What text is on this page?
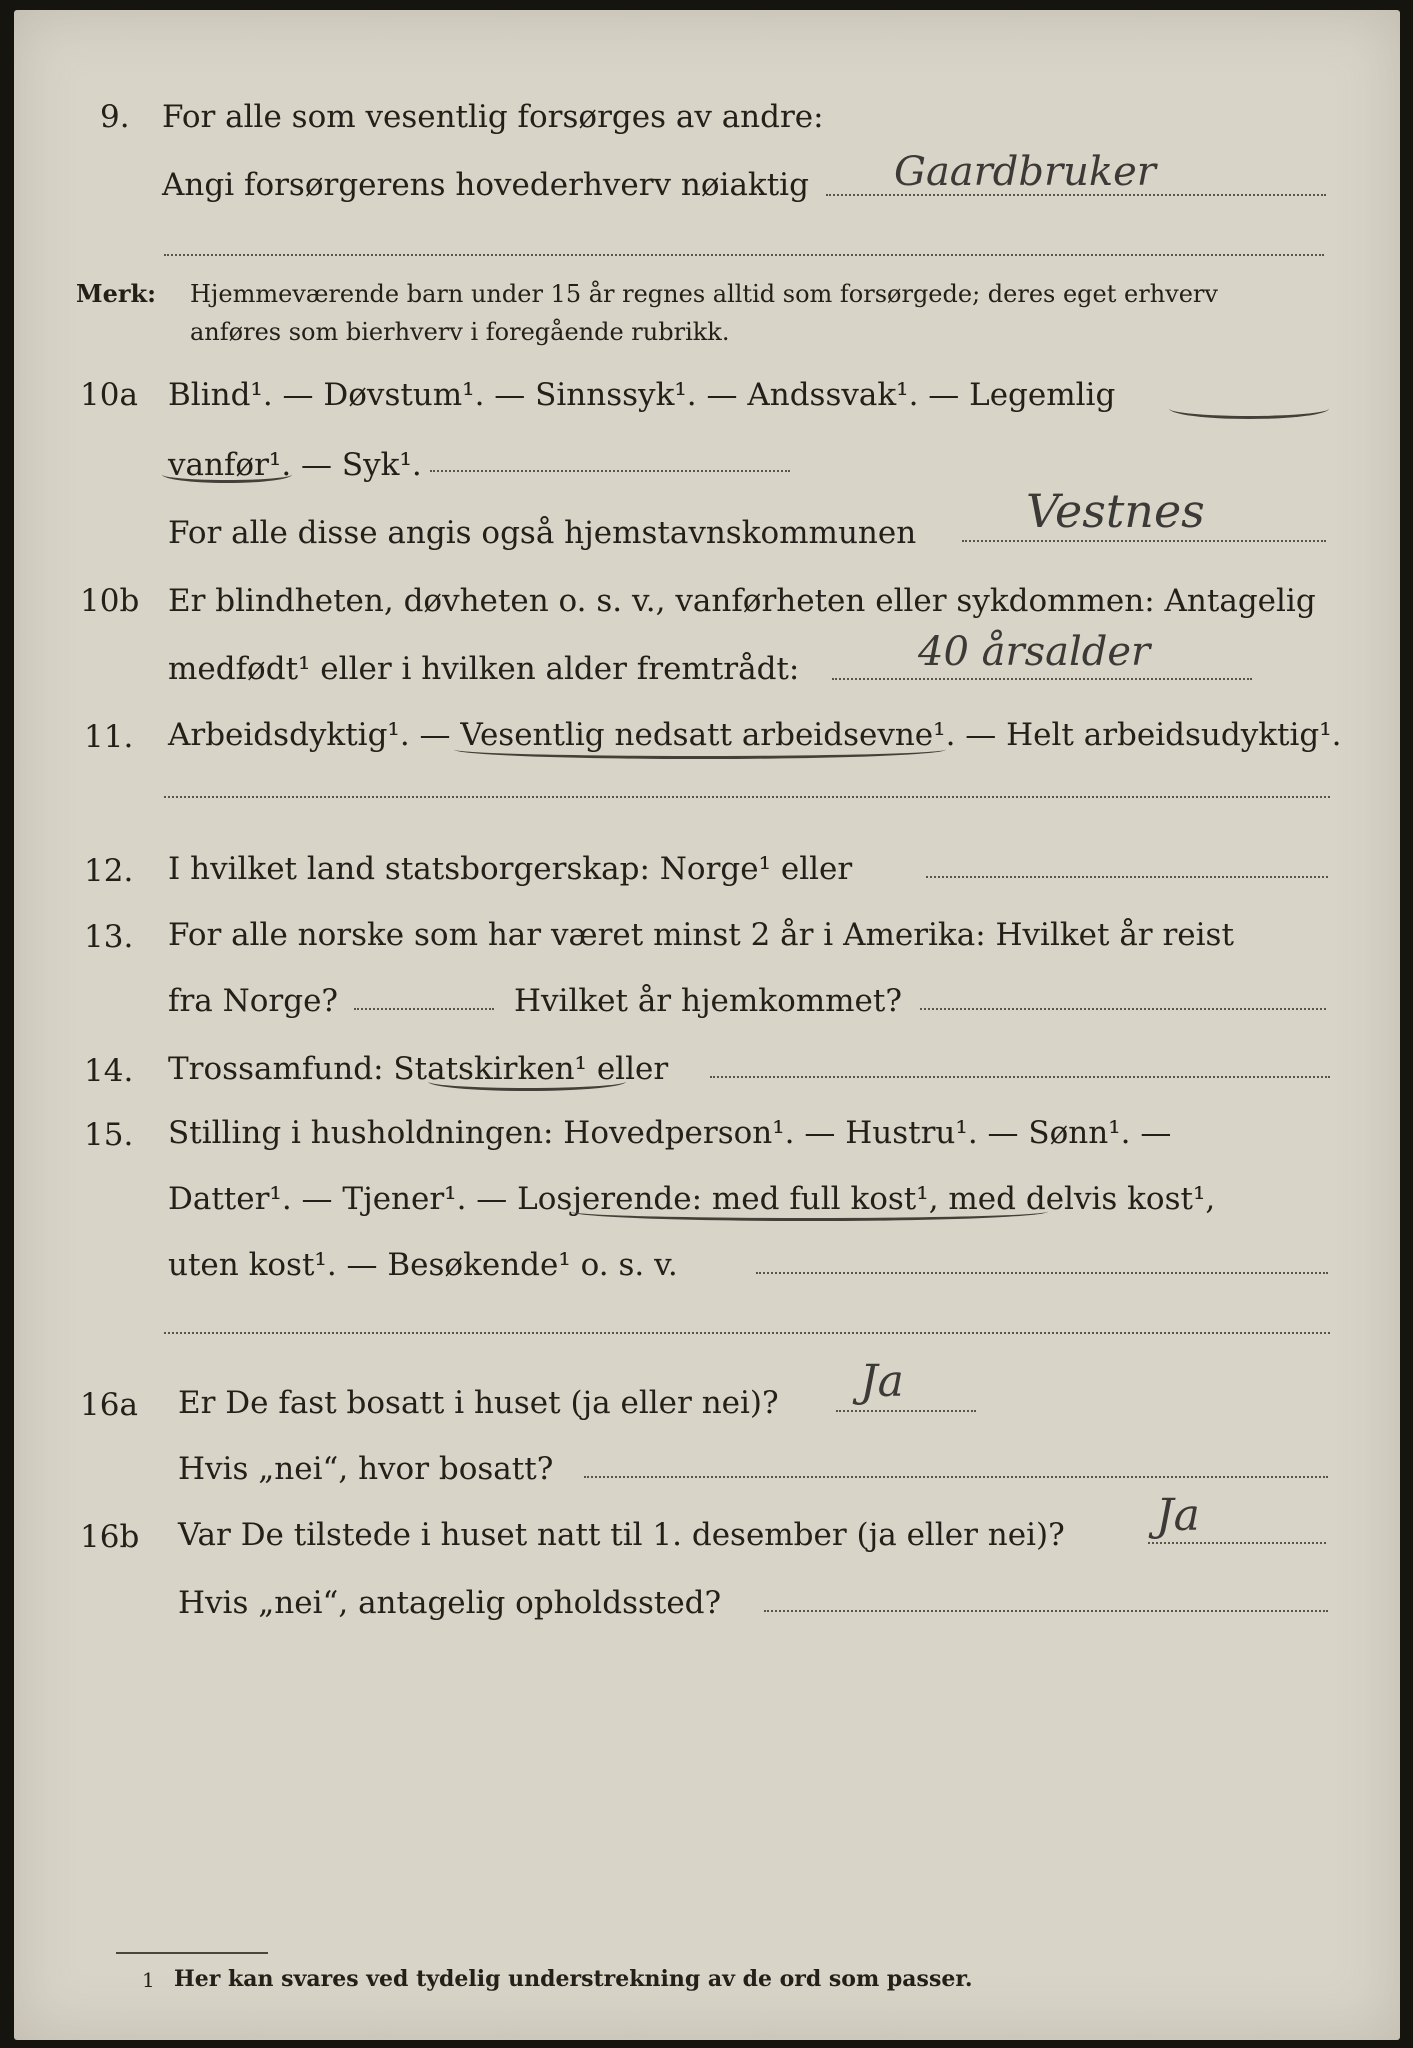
9. For alle som vesentlig forsørges av andre:
Angi forsørgerens hovederhverv nøiaktig Gaardbruker
Merk: Hjemmeværende barn under 15 år regnes alltid som forsørgede; deres eget erhverv
anføres som bierhverv i foregående rubrikk.
10a Blind¹. — Døvstum¹. — Sinnssyk¹. — Andssvak¹. — Legemlig
vanfør¹. — Syk¹.
For alle disse angis også hjemstavnskommunen Vestnes
10b Er blindheten, døvheten o. s. v., vanførheten eller sykdommen: Antagelig
medfødt¹ eller i hvilken alder fremtrådt:	40 årsalder
11. Arbeidsdyktig¹. — Vesentlig nedsatt arbeidsevne¹. — Helt arbeidsudyktig¹.
12. I hvilket land statsborgerskap: Norge¹ eller
13. For alle norske som har været minst 2 år i Amerika: Hvilket år reist
fra Norge?	Hvilket år hjemkommet?
14. Trossamfund: Statskirken¹ eller
15. Stilling i husholdningen: Hovedperson¹. — Hustru¹. — Sønn¹. —
Datter¹. — Tjener¹. — Losjerende: med full kost¹, med delvis kost¹,
uten kost¹. — Besøkende¹ o. s. v.
16a Er De fast bosatt i huset (ja eller nei)? Ja
Hvis „nei“, hvor bosatt?
16b Var De tilstede i huset natt til 1. desember (ja eller nei)? Ja
Hvis „nei“, antagelig opholdssted?
1 Her kan svares ved tydelig understrekning av de ord som passer.
